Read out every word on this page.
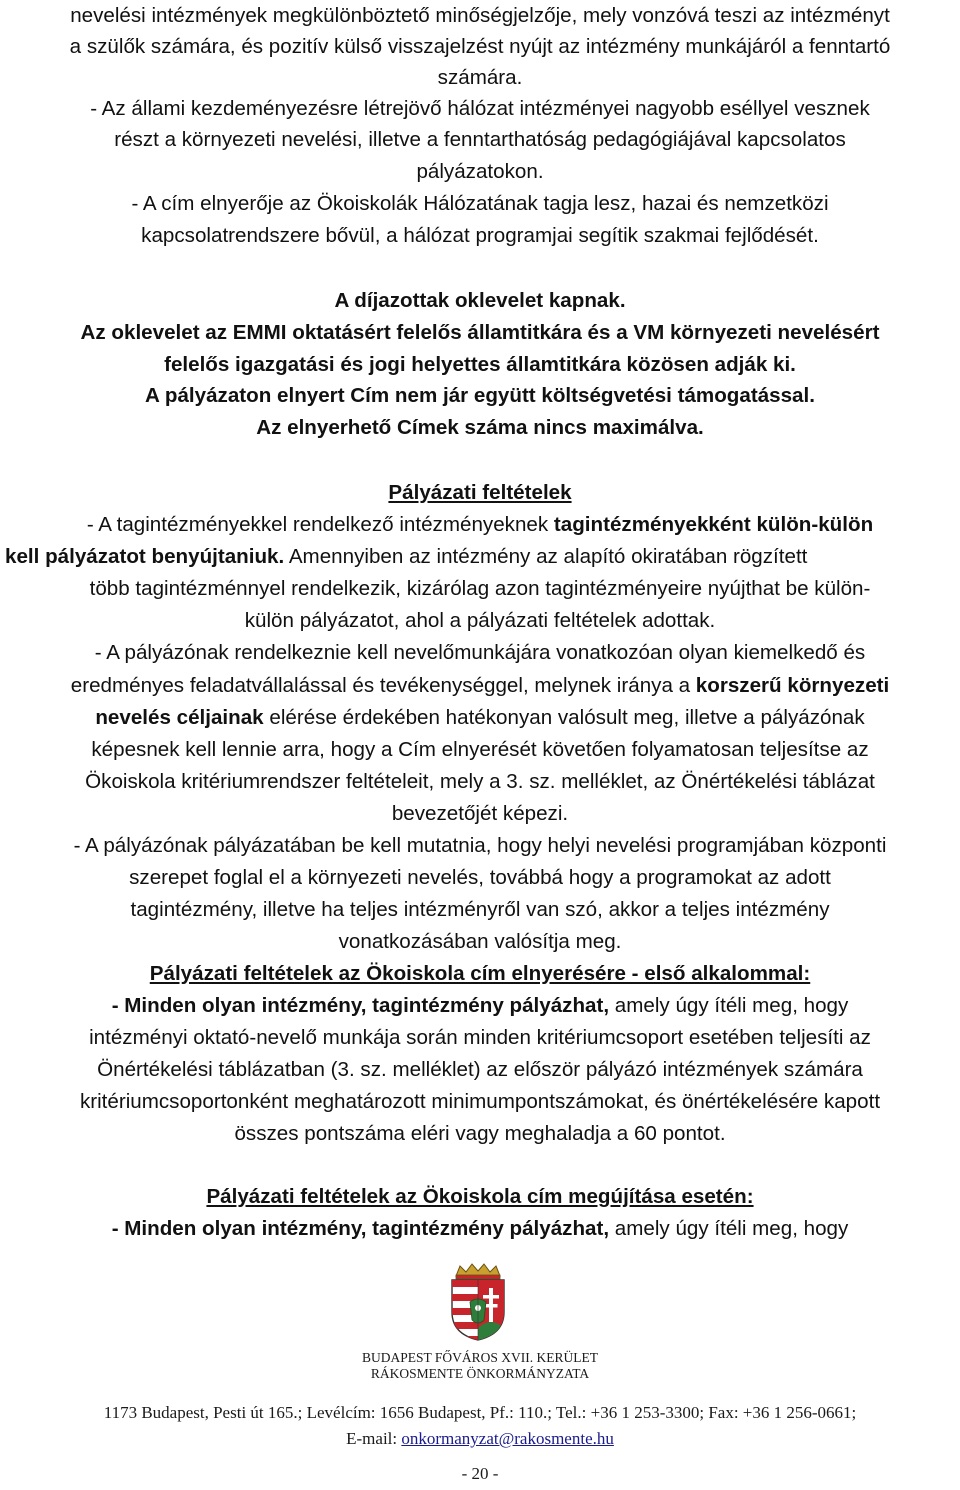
nevelési intézmények megkülönböztető minőségjelzője, mely vonzóvá teszi az intézményt

a szülők számára, és pozitív külső visszajelzést nyújt az intézmény munkájáról a fenntartó

számára.

- Az állami kezdeményezésre létrejövő hálózat intézményei nagyobb eséllyel vesznek

részt a környezeti nevelési, illetve a fenntarthatóság pedagógiájával kapcsolatos

pályázatokon.

- A cím elnyerője az Ökoiskolák Hálózatának tagja lesz, hazai és nemzetközi

kapcsolatrendszere bővül, a hálózat programjai segítik szakmai fejlődését.

A díjazottak oklevelet kapnak.

Az oklevelet az EMMI oktatásért felelős államtitkára és a VM környezeti nevelésért

felelős igazgatási és jogi helyettes államtitkára közösen adják ki.

A pályázaton elnyert Cím nem jár együtt költségvetési támogatással.

Az elnyerhető Címek száma nincs maximálva.

Pályázati feltételek

- A tagintézményekkel rendelkező intézményeknek tagintézményekként külön-külön

kell pályázatot benyújtaniuk. Amennyiben az intézmény az alapító okiratában rögzített

több tagintézménnyel rendelkezik, kizárólag azon tagintézményeire nyújthat be külön-

külön pályázatot, ahol a pályázati feltételek adottak.

- A pályázónak rendelkeznie kell nevelőmunkájára vonatkozóan olyan kiemelkedő és

eredményes feladatvállalással és tevékenységgel, melynek iránya a korszerű környezeti

nevelés céljainak elérése érdekében hatékonyan valósult meg, illetve a pályázónak

képesnek kell lennie arra, hogy a Cím elnyerését követően folyamatosan teljesítse az

Ökoiskola kritériumrendszer feltételeit, mely a 3. sz. melléklet, az Önértékelési táblázat

bevezetőjét képezi.

- A pályázónak pályázatában be kell mutatnia, hogy helyi nevelési programjában központi

szerepet foglal el a környezeti nevelés, továbbá hogy a programokat az adott

tagintézmény, illetve ha teljes intézményről van szó, akkor a teljes intézmény

vonatkozásában valósítja meg.

Pályázati feltételek az Ökoiskola cím elnyerésére - első alkalommal:

- Minden olyan intézmény, tagintézmény pályázhat, amely úgy ítéli meg, hogy

intézményi oktató-nevelő munkája során minden kritériumcsoport esetében teljesíti az

Önértékelési táblázatban (3. sz. melléklet) az először pályázó intézmények számára

kritériumcsoportonként meghatározott minimumpontszámokat, és önértékelésére kapott

összes pontszáma eléri vagy meghaladja a 60 pontot.

Pályázati feltételek az Ökoiskola cím megújítása esetén:

- Minden olyan intézmény, tagintézmény pályázhat, amely úgy ítéli meg, hogy

BUDAPEST FŐVÁROS XVII. KERÜLET
RÁKOSMENTE ÖNKORMÁNYZATA
1173 Budapest, Pesti út 165.; Levélcím: 1656 Budapest, Pf.: 110.; Tel.: +36 1 253-3300; Fax: +36 1 256-0661;
E-mail: onkormanyzat@rakosmente.hu
- 20 -
